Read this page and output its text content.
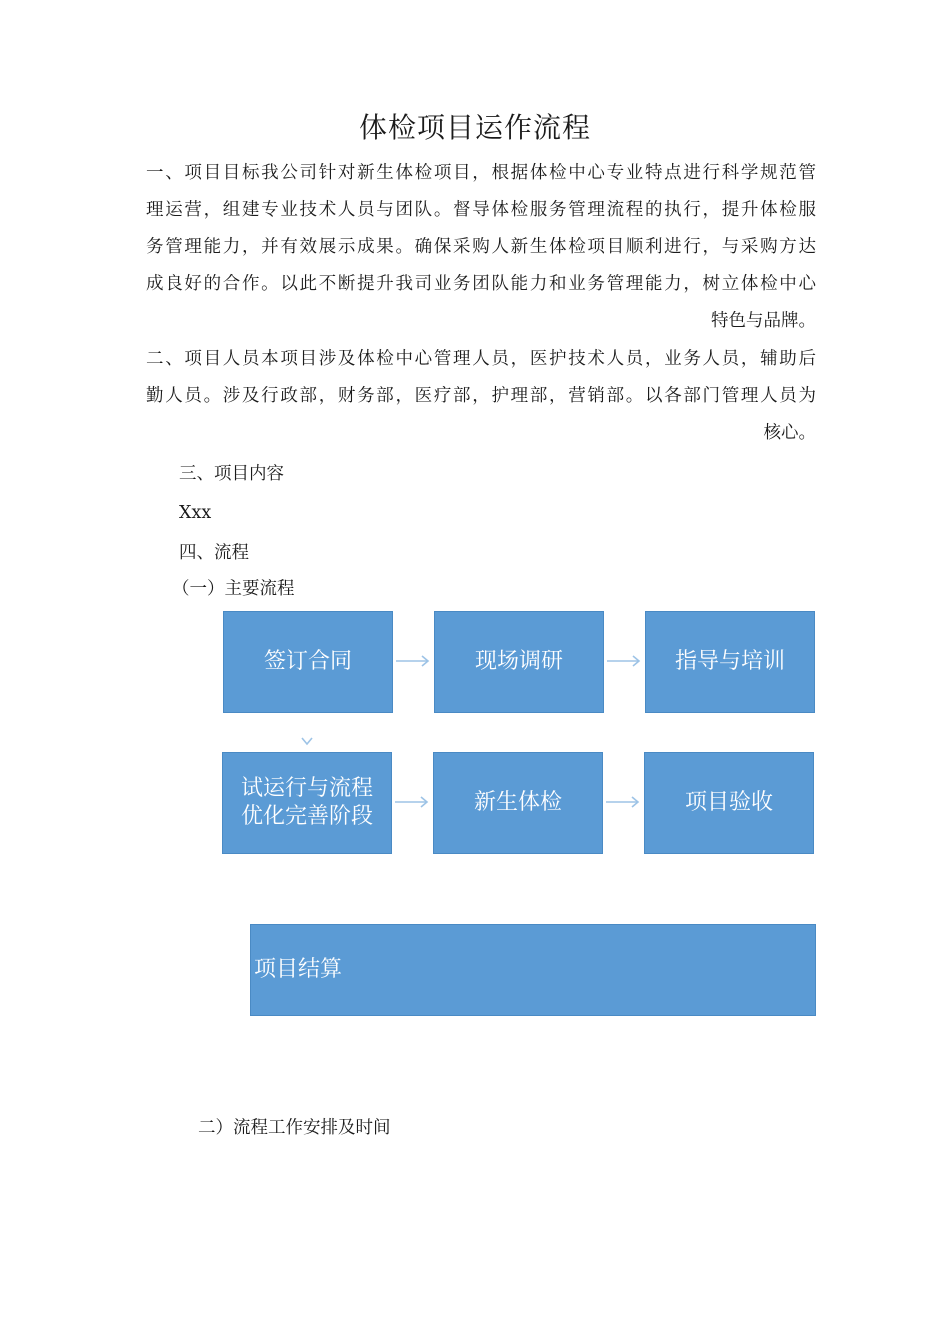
体检项目运作流程
一、项目目标我公司针对新生体检项目，根据体检中心专业特点进行科学规范管
理运营，组建专业技术人员与团队。督导体检服务管理流程的执行，提升体检服
务管理能力，并有效展示成果。确保采购人新生体检项目顺利进行，与采购方达
成良好的合作。以此不断提升我司业务团队能力和业务管理能力，树立体检中心
特色与品牌。
二、项目人员本项目涉及体检中心管理人员，医护技术人员，业务人员，辅助后
勤人员。涉及行政部，财务部，医疗部，护理部，营销部。以各部门管理人员为
核心。
三、项目内容
Xxx
四、流程
（一）主要流程
签订合同	现场调研	指导与培训
试运行与流程
优化完善阶段
新生体检	项目验收
项目结算
二）流程工作安排及时间
